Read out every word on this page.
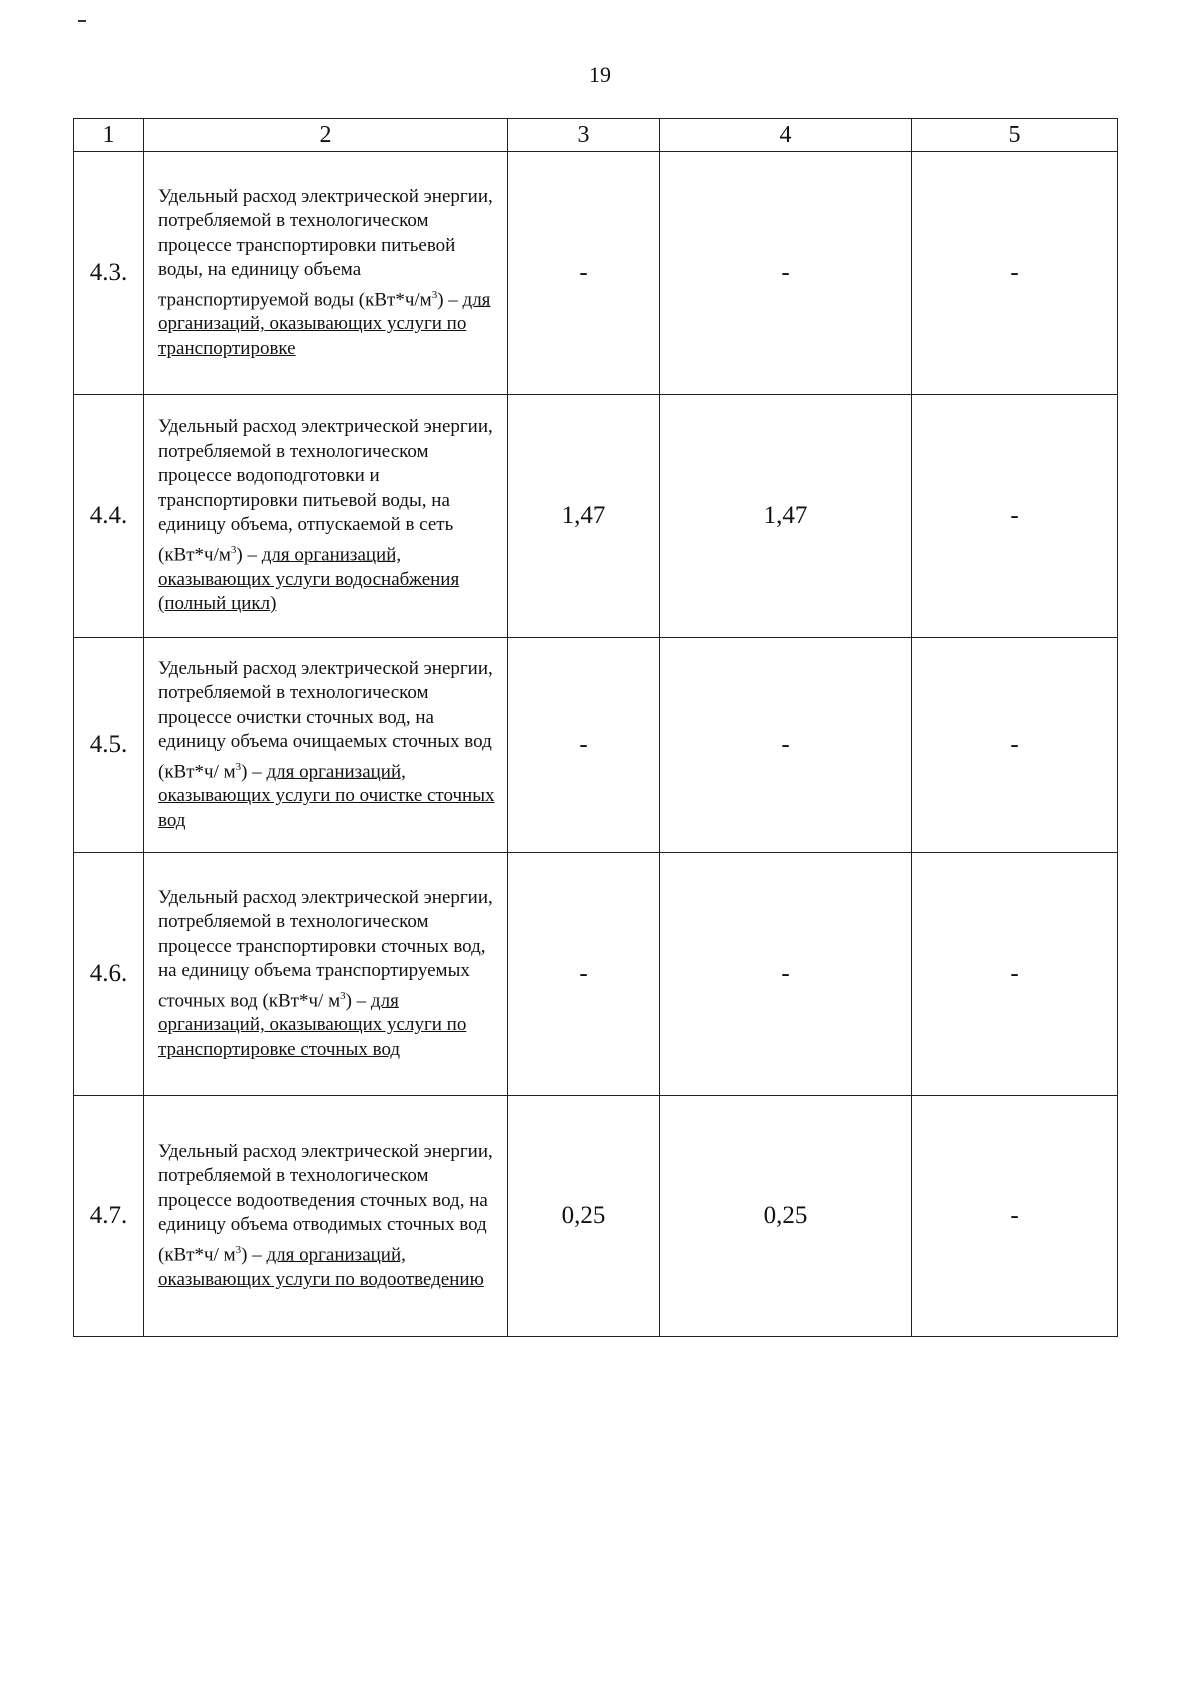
19
1	2	3	4	5
4.3.	Удельный расход электрической энергии, потребляемой в технологическом процессе транспортировки питьевой воды, на единицу объема транспортируемой воды $(кВт*ч/м^3)$ – для организаций, оказывающих услуги по транспортировке	-	-	-
4.4.	Удельный расход электрической энергии, потребляемой в технологическом процессе водоподготовки и транспортировки питьевой воды, на единицу объема, отпускаемой в сеть $(кВт*ч/м^3)$ – для организаций, оказывающих услуги водоснабжения (полный цикл)	1,47	1,47	-
4.5.	Удельный расход электрической энергии, потребляемой в технологическом процессе очистки сточных вод, на единицу объема очищаемых сточных вод (кВт*ч/ $м^3$) – для организаций, оказывающих услуги по очистке сточных вод	-	-	-
4.6.	Удельный расход электрической энергии, потребляемой в технологическом процессе транспортировки сточных вод, на единицу объема транспортируемых сточных вод (кВт*ч/ $м^3$) – для организаций, оказывающих услуги по транспортировке сточных вод	-	-	-
4.7.	Удельный расход электрической энергии, потребляемой в технологическом процессе водоотведения сточных вод, на единицу объема отводимых сточных вод (кВт*ч/ $м^3$) – для организаций, оказывающих услуги по водоотведению	0,25	0,25	-
